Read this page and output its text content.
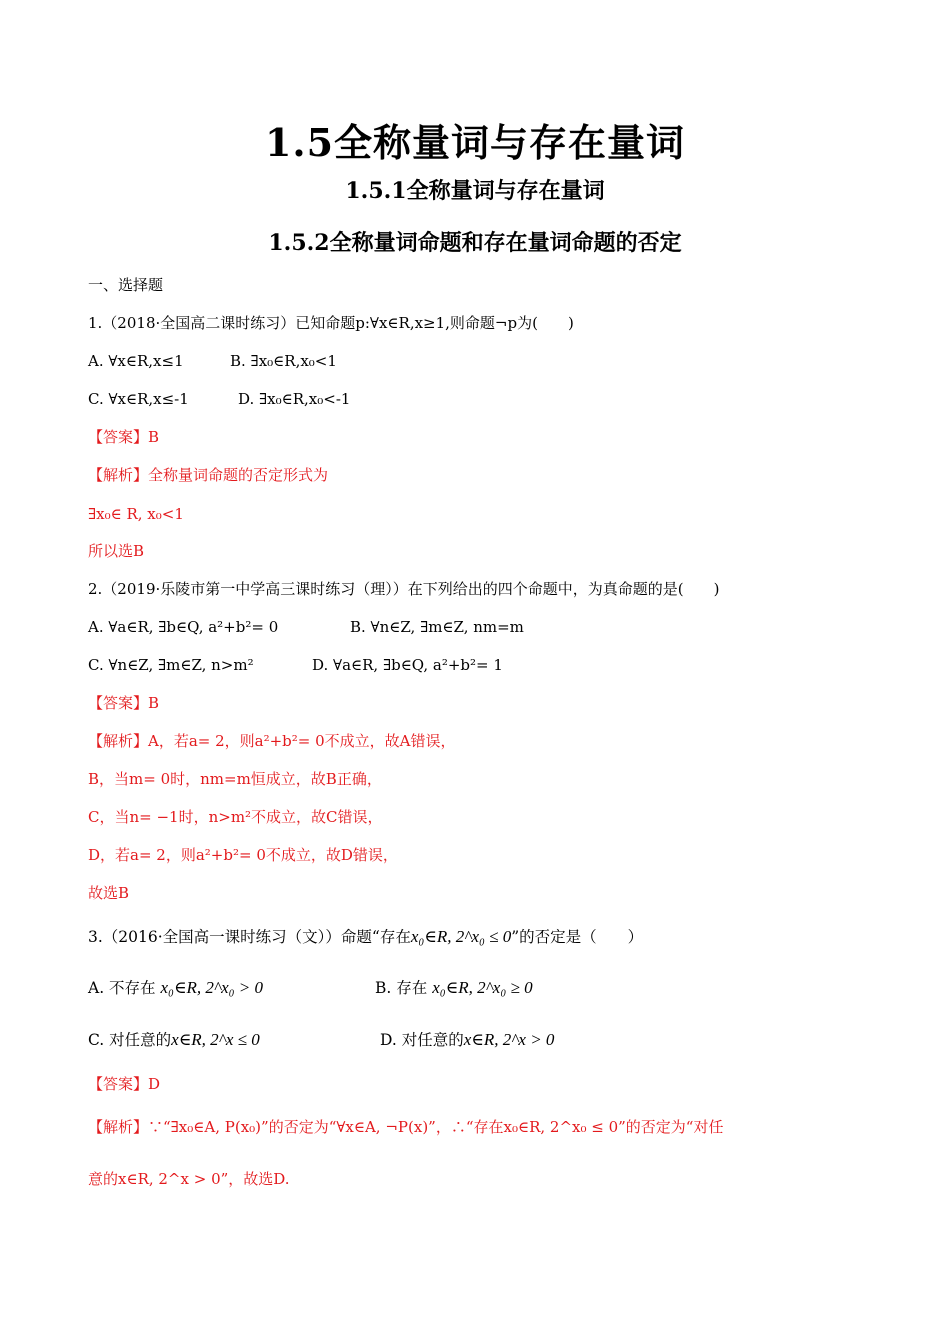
1.5全称量词与存在量词
1.5.1全称量词与存在量词
1.5.2全称量词命题和存在量词命题的否定
一、选择题
1.（2018·全国高二课时练习）已知命题p:∀x∈R,x≥1,则命题¬p为(　　)
A. ∀x∈R,x≤1	B. ∃x₀∈R,x₀<1
C. ∀x∈R,x≤-1	D. ∃x₀∈R,x₀<-1
【答案】B
【解析】全称量词命题的否定形式为
∃x₀∈ R, x₀<1
所以选B
2.（2019·乐陵市第一中学高三课时练习（理））在下列给出的四个命题中，为真命题的是(　　)
A. ∀a∈R, ∃b∈Q, a²+b²= 0	B. ∀n∈Z, ∃m∈Z, nm=m
C. ∀n∈Z, ∃m∈Z, n>m²	D. ∀a∈R, ∃b∈Q, a²+b²= 1
【答案】B
【解析】A，若a= 2，则a²+b²= 0不成立，故A错误，
B，当m= 0时，nm=m恒成立，故B正确，
C，当n= −1时，n>m²不成立，故C错误，
D，若a= 2，则a²+b²= 0不成立，故D错误，
故选B
3.（2016·全国高一课时练习（文））命题“存在x₀∈R, 2^x₀ ≤ 0”的否定是（　　）
A. 不存在 x₀∈R, 2^x₀ > 0	B. 存在 x₀∈R, 2^x₀ ≥ 0
C. 对任意的x∈R, 2^x ≤ 0	D. 对任意的x∈R, 2^x > 0
【答案】D
【解析】∵“∃x₀∈A, P(x₀)”的否定为“∀x∈A, ¬P(x)”，∴“存在x₀∈R, 2^x₀ ≤ 0”的否定为“对任
意的x∈R, 2^x > 0”，故选D.
